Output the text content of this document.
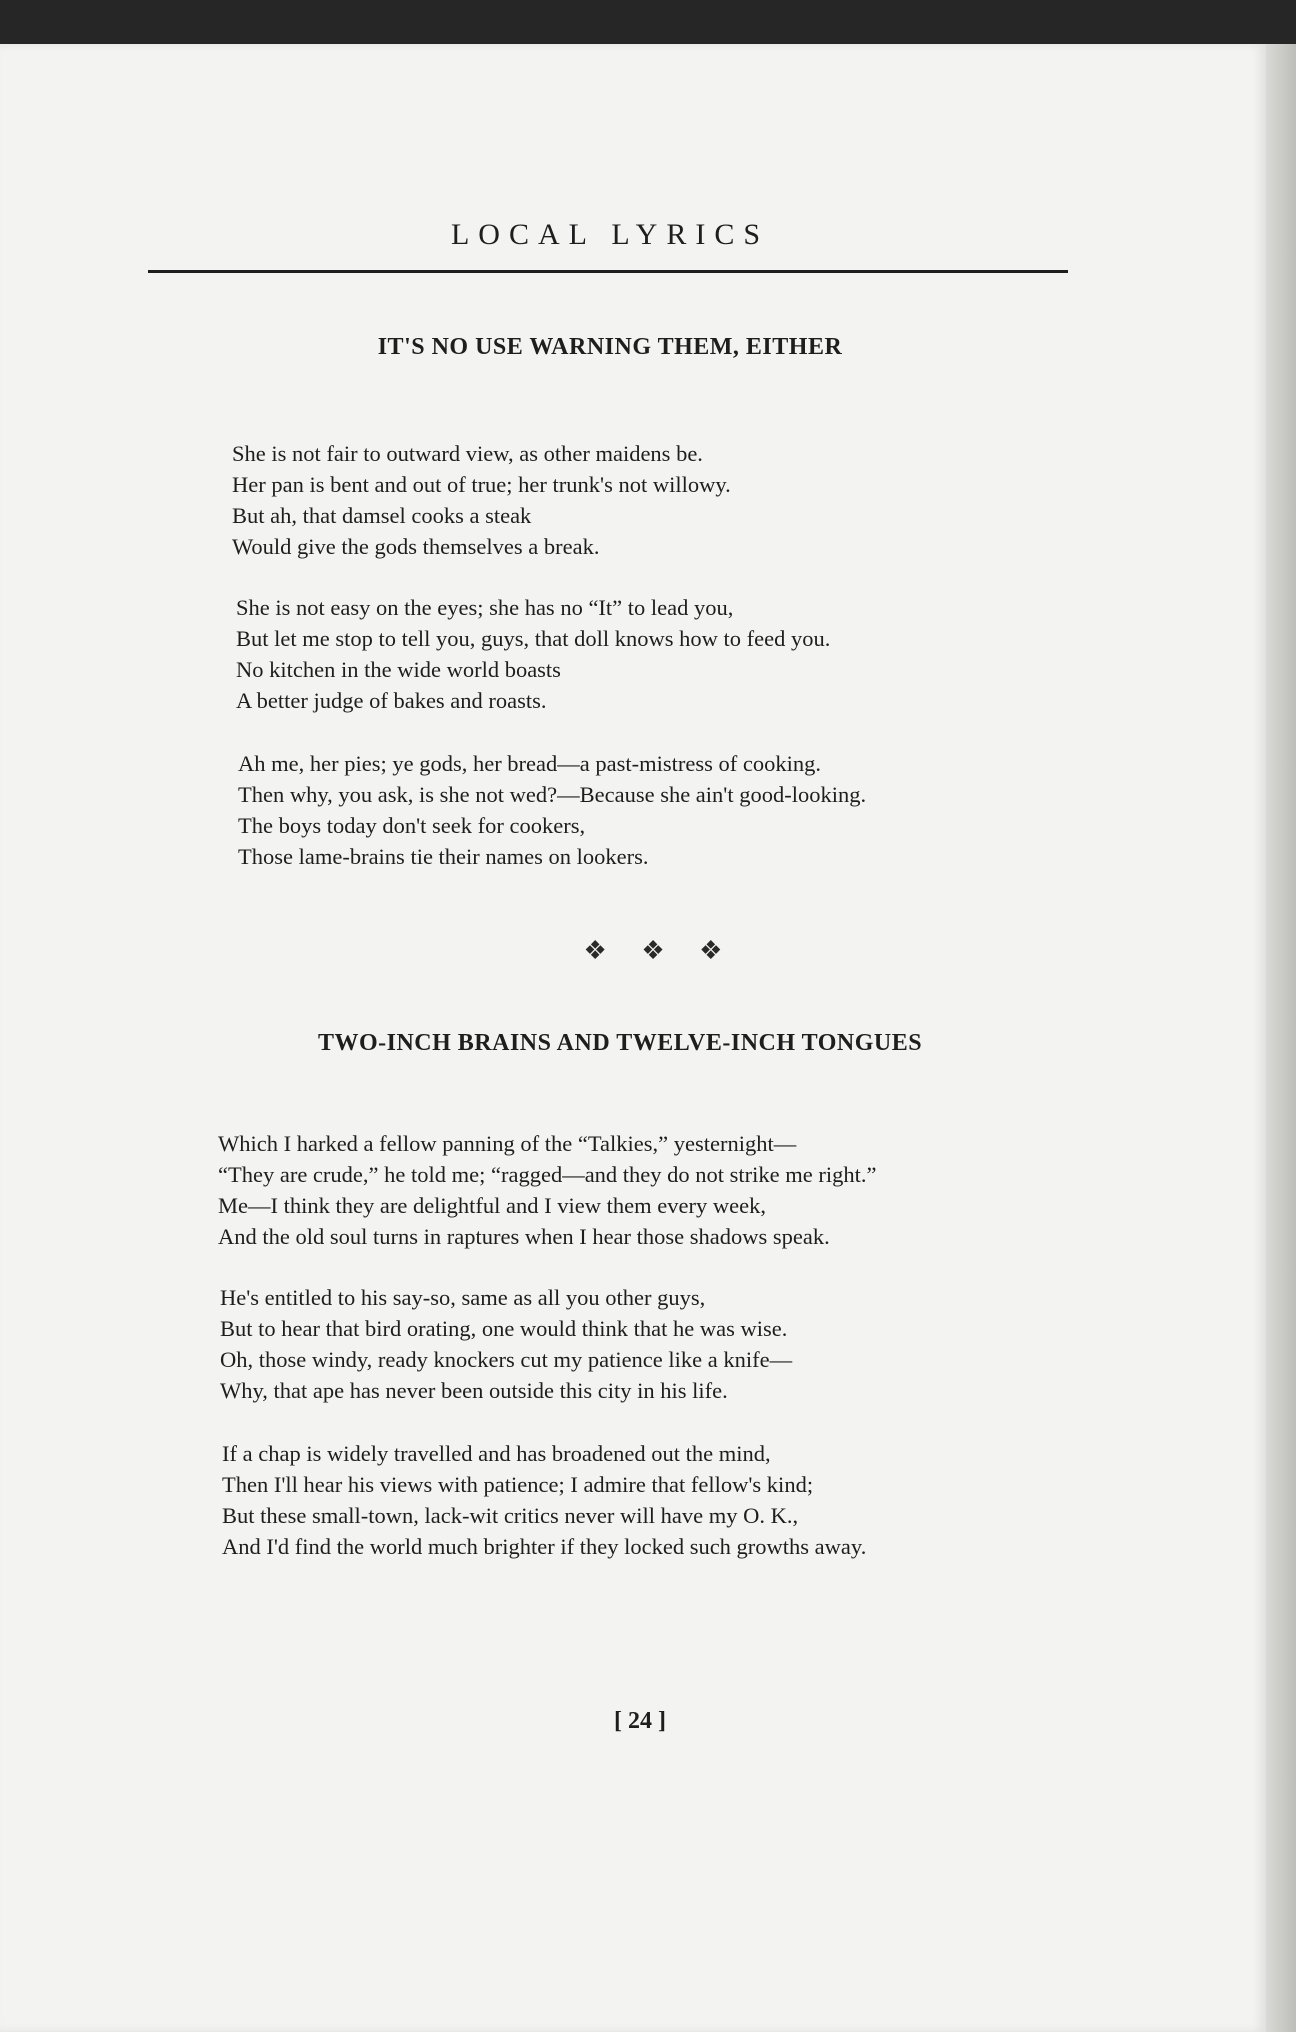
LOCAL LYRICS
IT'S NO USE WARNING THEM, EITHER
She is not fair to outward view, as other maidens be.
Her pan is bent and out of true; her trunk's not willowy.
But ah, that damsel cooks a steak
Would give the gods themselves a break.
She is not easy on the eyes; she has no “It” to lead you,
But let me stop to tell you, guys, that doll knows how to feed you.
No kitchen in the wide world boasts
A better judge of bakes and roasts.
Ah me, her pies; ye gods, her bread—a past-mistress of cooking.
Then why, you ask, is she not wed?—Because she ain't good-looking.
The boys today don't seek for cookers,
Those lame-brains tie their names on lookers.
❖ ❖ ❖
TWO-INCH BRAINS AND TWELVE-INCH TONGUES
Which I harked a fellow panning of the “Talkies,” yesternight—
“They are crude,” he told me; “ragged—and they do not strike me right.”
Me—I think they are delightful and I view them every week,
And the old soul turns in raptures when I hear those shadows speak.
He's entitled to his say-so, same as all you other guys,
But to hear that bird orating, one would think that he was wise.
Oh, those windy, ready knockers cut my patience like a knife—
Why, that ape has never been outside this city in his life.
If a chap is widely travelled and has broadened out the mind,
Then I'll hear his views with patience; I admire that fellow's kind;
But these small-town, lack-wit critics never will have my O. K.,
And I'd find the world much brighter if they locked such growths away.
[ 24 ]
